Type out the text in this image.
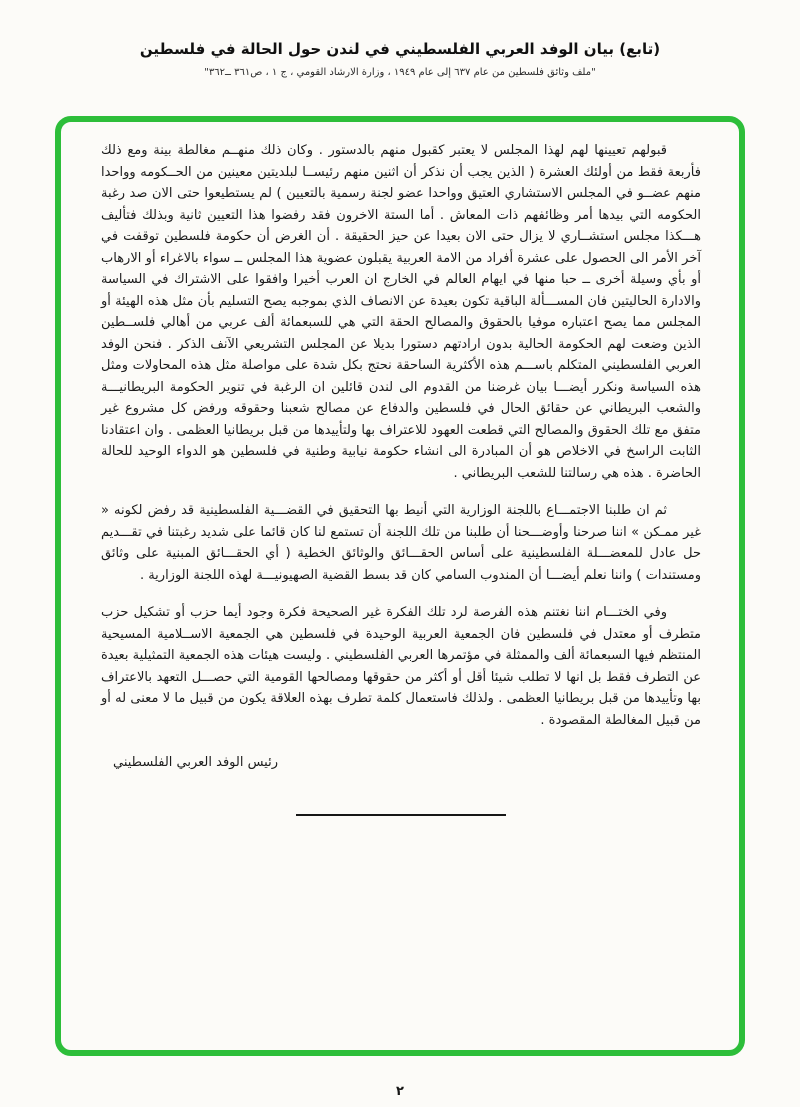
(تابع) بيان الوفد العربي الفلسطيني في لندن حول الحالة في فلسطين
"ملف وثائق فلسطين من عام ٦٣٧ إلى عام ١٩٤٩ ، وزارة الارشاد القومي ، ج ١ ، ص٣٦١ ــ٣٦٢"

قبولهم تعيينها لهم لهذا المجلس لا يعتبر كقبول منهم بالدستور . وكان ذلك منهــم مغالطة بينة ومع ذلك فأربعة فقط من أولئك العشرة ( الذين يجب أن نذكر أن اثنين منهم رئيســا لبلديتين معينين من الحــكومه وواحدا منهم عضــو في المجلس الاستشاري العتيق وواحدا عضو لجنة رسمية بالتعيين ) لم يستطيعوا حتى الان صد رغبة الحكومه التي بيدها أمر وظائفهم ذات المعاش . أما الستة الاخرون فقد رفضوا هذا التعيين ثانية وبذلك فتأليف هـــكذا مجلس استشــاري لا يزال حتى الان بعيدا عن حيز الحقيقة . أن الغرض أن حكومة فلسطين توقفت في آخر الأمر الى الحصول على عشرة أفراد من الامة العربية يقبلون عضوية هذا المجلس ــ سواء بالاغراء أو الارهاب أو بأي وسيلة أخرى ــ حبا منها في ايهام العالم في الخارج ان العرب أخيرا وافقوا على الاشتراك في السياسة والادارة الحاليتين فان المســـألة الباقية تكون بعيدة عن الانصاف الذي بموجبه يصح التسليم بأن مثل هذه الهيئة أو المجلس مما يصح اعتباره موفيا بالحقوق والمصالح الحقة التي هي للسبعمائة ألف عربي من أهالي فلســطين الذين وضعت لهم الحكومة الحالية بدون ارادتهم دستورا بديلا عن المجلس التشريعي الآنف الذكر . فنحن الوفد العربي الفلسطيني المتكلم باســـم هذه الأكثرية الساحقة نحتج بكل شدة على مواصلة مثل هذه المحاولات ومثل هذه السياسة ونكرر أيضـــا بيان غرضنا من القدوم الى لندن قائلين ان الرغبة في تنوير الحكومة البريطانيـــة والشعب البريطاني عن حقائق الحال في فلسطين والدفاع عن مصالح شعبنا وحقوقه ورفض كل مشروع غير متفق مع تلك الحقوق والمصالح التي قطعت العهود للاعتراف بها ولتأييدها من قبل بريطانيا العظمى . وان اعتقادنا الثابت الراسخ في الاخلاص هو أن المبادرة الى انشاء حكومة نيابية وطنية في فلسطين هو الدواء الوحيد للحالة الحاضرة . هذه هي رسالتنا للشعب البريطاني .

ثم ان طلبنا الاجتمـــاع باللجنة الوزارية التي أنيط بها التحقيق في القضـــية الفلسطينية قد رفض لكونه « غير ممـكن » اننا صرحنا وأوضـــحنا أن طلبنا من تلك اللجنة أن تستمع لنا كان قائما على شديد رغبتنا في تقـــديم حل عادل للمعضـــلة الفلسطينية على أساس الحقـــائق والوثائق الخطية ( أي الحقـــائق المبنية على وثائق ومستندات ) واننا نعلم أيضـــا أن المندوب السامي كان قد بسط القضية الصهيونيـــة لهذه اللجنة الوزارية .

وفي الختـــام اننا نغتنم هذه الفرصة لرد تلك الفكرة غير الصحيحة فكرة وجود أيما حزب أو تشكيل حزب متطرف أو معتدل في فلسطين فان الجمعية العربية الوحيدة في فلسطين هي الجمعية الاســلامية المسيحية المنتظم فيها السبعمائة ألف والممثلة في مؤتمرها العربي الفلسطيني . وليست هيئات هذه الجمعية التمثيلية بعيدة عن التطرف فقط بل انها لا تطلب شيئا أقل أو أكثر من حقوقها ومصالحها القومية التي حصـــل التعهد بالاعتراف بها وتأييدها من قبل بريطانيا العظمى . ولذلك فاستعمال كلمة تطرف بهذه العلاقة يكون من قبيل ما لا معنى له أو من قبيل المغالطة المقصودة .

رئيس الوفد العربي الفلسطيني
٢
